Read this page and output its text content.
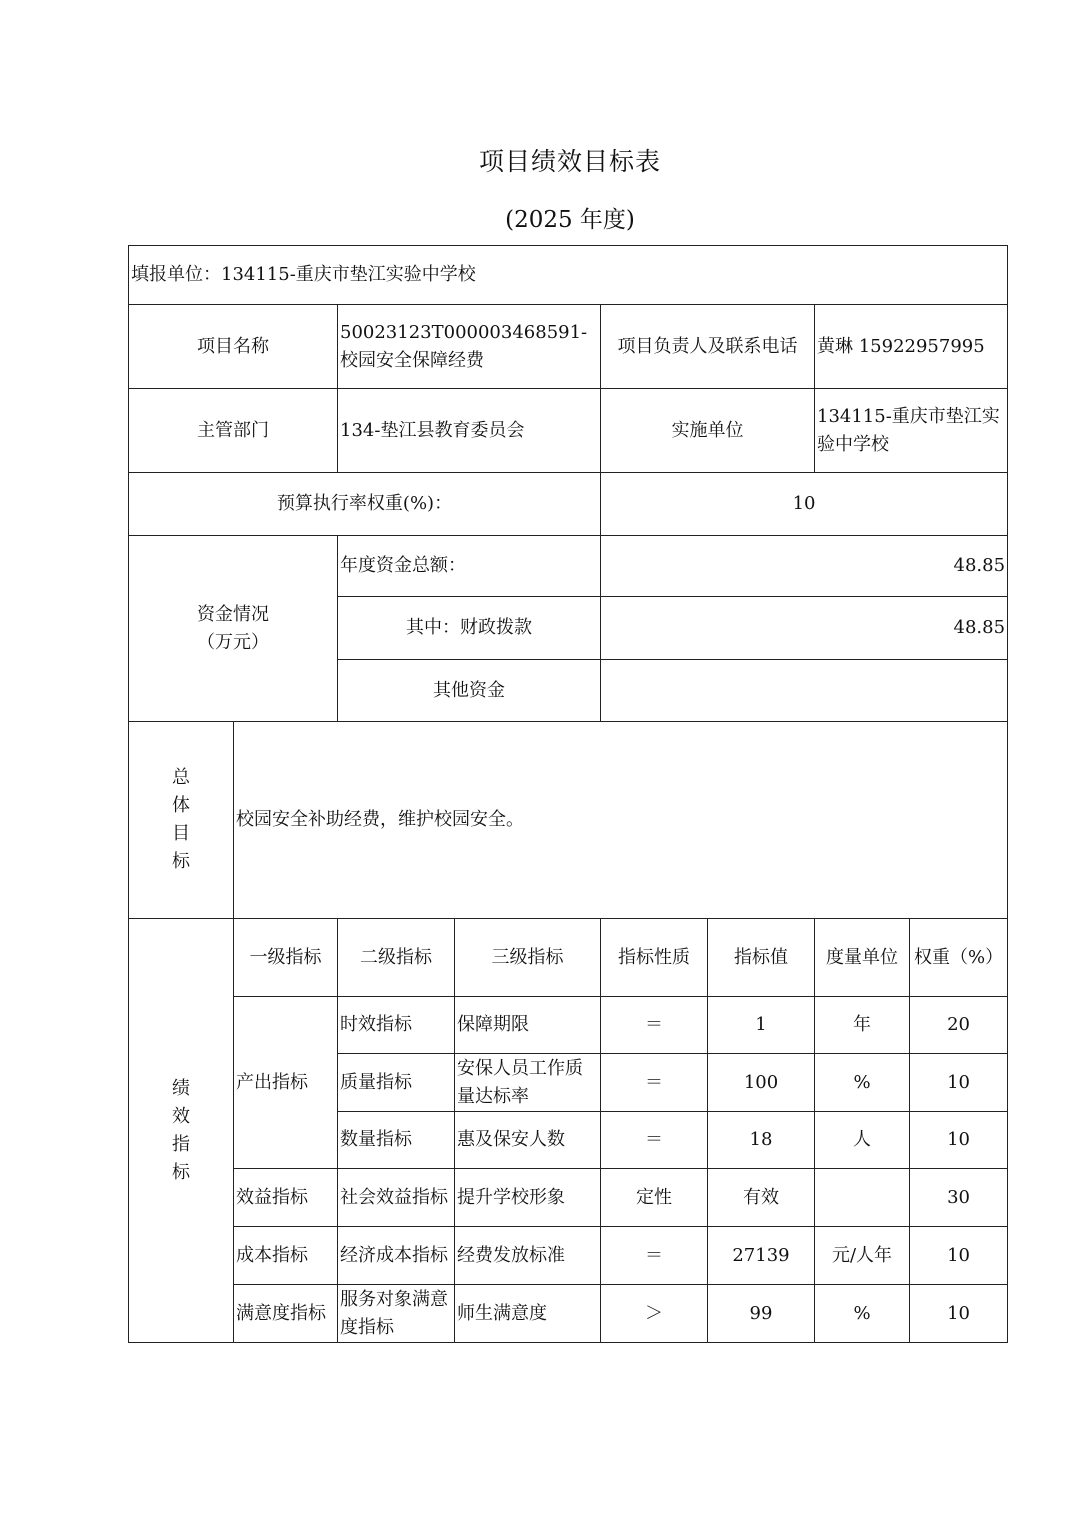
项目绩效目标表
(2025 年度)
填报单位：134115-重庆市垫江实验中学校							
项目名称		50023123T000003468591-校园安全保障经费		项目负责人及联系电话		黄琳 15922957995	
主管部门		134-垫江县教育委员会		实施单位		134115-重庆市垫江实验中学校	
预算执行率权重(%)：				10			

资金情况
（万元）		年度资金总额：		48.85			
		其中：财政拨款		48.85			
		其他资金					

总
体
目
标	校园安全补助经费，维护校园安全。						

绩
效
指
标	一级指标	二级指标	三级指标	指标性质	指标值	度量单位	权重（%）
	产出指标	时效指标	保障期限	＝	1	年	20
		质量指标	安保人员工作质量达标率	＝	100	%	10
		数量指标	惠及保安人数	＝	18	人	10
	效益指标	社会效益指标	提升学校形象	定性	有效		30
	成本指标	经济成本指标	经费发放标准	＝	27139	元/人年	10
	满意度指标	服务对象满意度指标	师生满意度	＞	99	%	10
